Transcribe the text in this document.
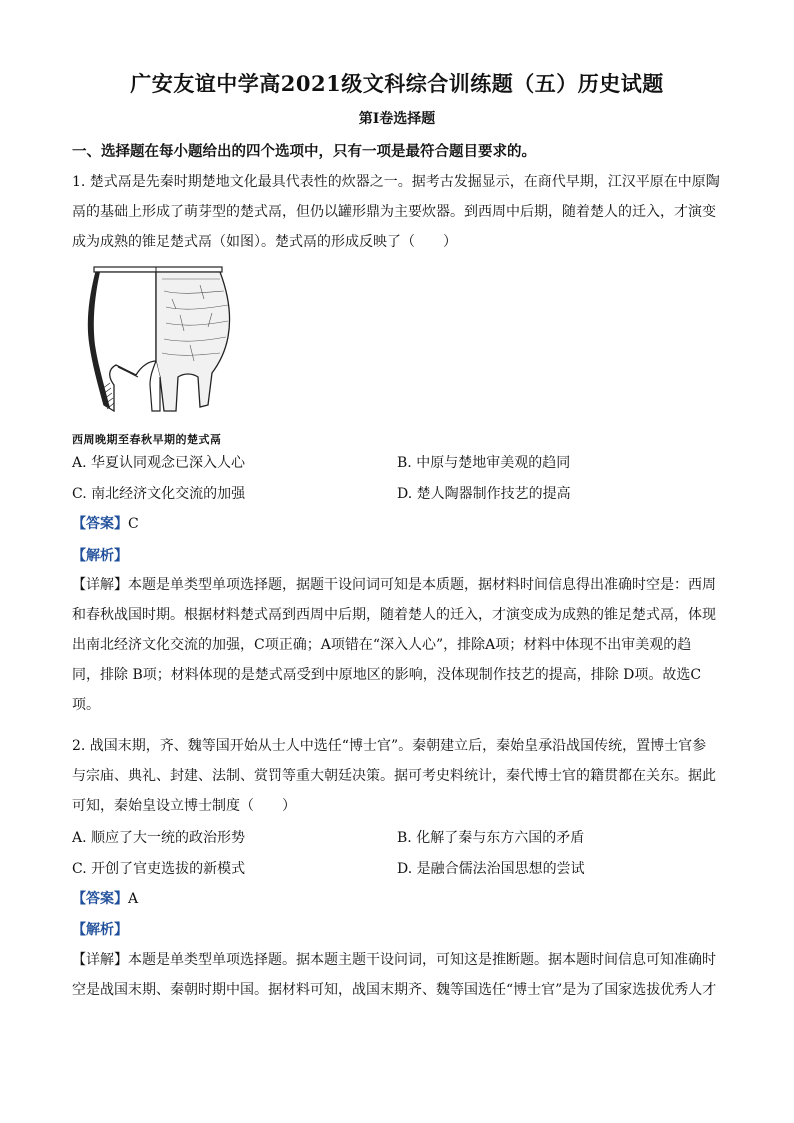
广安友谊中学高2021级文科综合训练题（五）历史试题
第Ⅰ卷选择题
一、选择题在每小题给出的四个选项中，只有一项是最符合题目要求的。

1. 楚式鬲是先秦时期楚地文化最具代表性的炊器之一。据考古发掘显示，在商代早期，江汉平原在中原陶
鬲的基础上形成了萌芽型的楚式鬲，但仍以罐形鼎为主要炊器。到西周中后期，随着楚人的迁入，才演变
成为成熟的锥足楚式鬲（如图）。楚式鬲的形成反映了（　　）

西周晚期至春秋早期的楚式鬲
A. 华夏认同观念已深入人心	B. 中原与楚地审美观的趋同
C. 南北经济文化交流的加强	D. 楚人陶器制作技艺的提高
【答案】C
【解析】

【详解】本题是单类型单项选择题，据题干设问词可知是本质题，据材料时间信息得出准确时空是：西周
和春秋战国时期。根据材料楚式鬲到西周中后期，随着楚人的迁入，才演变成为成熟的锥足楚式鬲，体现
出南北经济文化交流的加强，C项正确；A项错在“深入人心”，排除A项；材料中体现不出审美观的趋
同，排除 B项；材料体现的是楚式鬲受到中原地区的影响，没体现制作技艺的提高，排除 D项。故选C
项。

2. 战国末期，齐、魏等国开始从士人中选任“博士官”。秦朝建立后，秦始皇承沿战国传统，置博士官参
与宗庙、典礼、封建、法制、赏罚等重大朝廷决策。据可考史料统计，秦代博士官的籍贯都在关东。据此
可知，秦始皇设立博士制度（　　）

A. 顺应了大一统的政治形势	B. 化解了秦与东方六国的矛盾
C. 开创了官吏选拔的新模式	D. 是融合儒法治国思想的尝试
【答案】A
【解析】

【详解】本题是单类型单项选择题。据本题主题干设问词，可知这是推断题。据本题时间信息可知准确时
空是战国末期、秦朝时期中国。据材料可知，战国末期齐、魏等国选任“博士官”是为了国家选拔优秀人才
